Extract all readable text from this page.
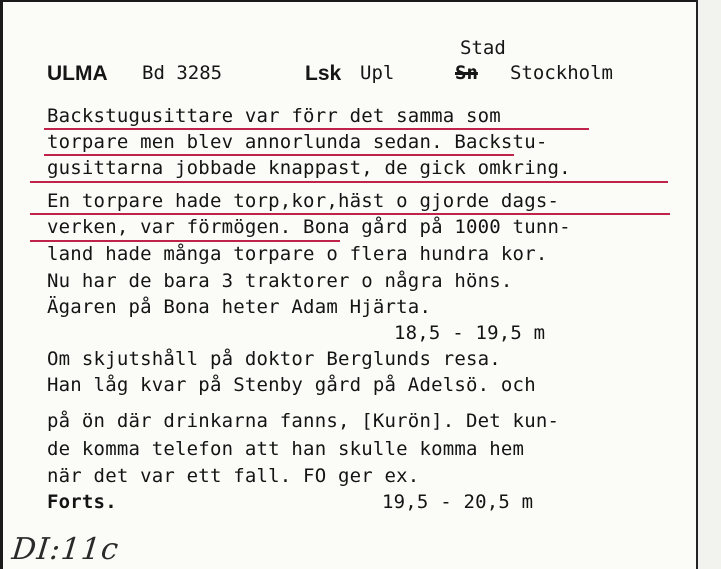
ULMA Bd 3285	Lsk Upl
Stad
Sn Stockholm
Backstugusittare var förr det samma som
torpare men blev annorlunda sedan. Backstu-
gusittarna jobbade knappast, de gick omkring.
En torpare hade torp,kor,häst o gjorde dags-
verken, var förmögen. Bona gård på 1000 tunn-
land hade många torpare o flera hundra kor.
Nu har de bara 3 traktorer o några höns.
Ägaren på Bona heter Adam Hjärta.
18,5 - 19,5 m
Om skjutshåll på doktor Berglunds resa.
Han låg kvar på Stenby gård på Adelsö. och
på ön där drinkarna fanns, [Kurön]. Det kun-
de komma telefon att han skulle komma hem
när det var ett fall. FO ger ex.
Forts.	19,5 - 20,5 m
DI:11c
